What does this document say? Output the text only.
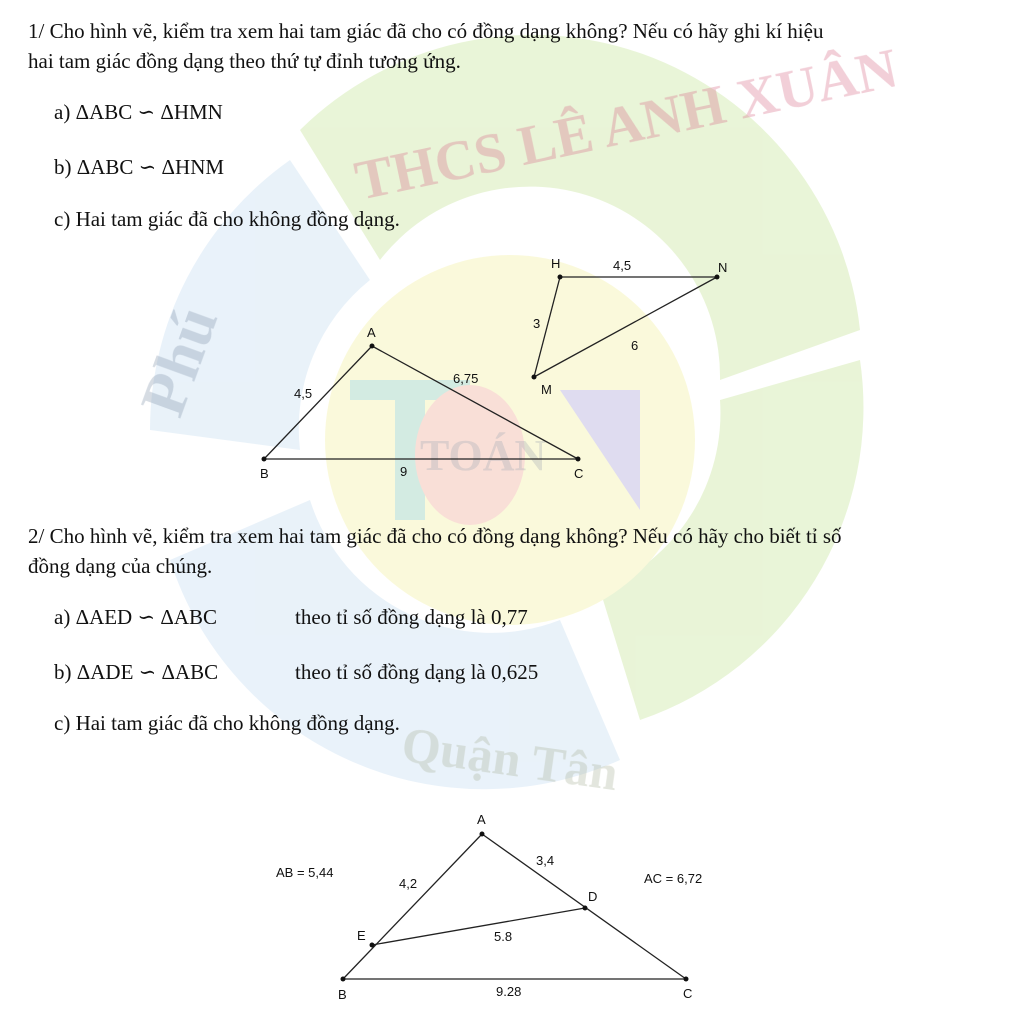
THCS LÊ ANH XUÂN
Phú
Quận Tân
TOÁN
1/ Cho hình vẽ, kiểm tra xem hai tam giác đã cho có đồng dạng không? Nếu có hãy ghi kí hiệu
hai tam giác đồng dạng theo thứ tự đỉnh tương ứng.
a) ΔABC ∽ ΔHMN
b) ΔABC ∽ ΔHNM
c) Hai tam giác đã cho không đồng dạng.
A
B	C
H
M
N
4,5
6,75
9
4,5
3
6
2/ Cho hình vẽ, kiểm tra xem hai tam giác đã cho có đồng dạng không? Nếu có hãy cho biết tỉ số
đồng dạng của chúng.
a) ΔAED ∽ ΔABC	theo tỉ số đồng dạng là 0,77
b) ΔADE ∽ ΔABC	theo tỉ số đồng dạng là 0,625
c) Hai tam giác đã cho không đồng dạng.
A
B	C
D
E
4,2
3,4
5.8
9.28
AB = 5,44	AC = 6,72
